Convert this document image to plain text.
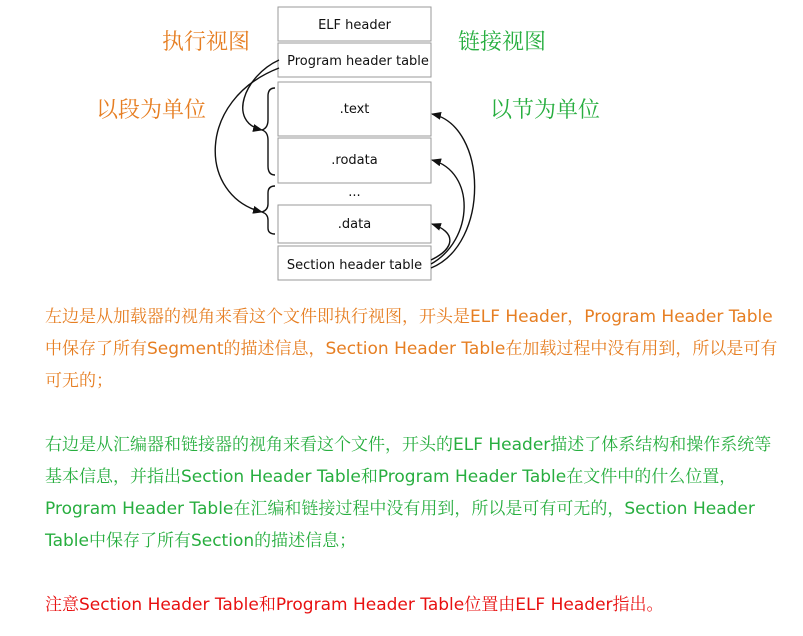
执行视图	链接视图
以段为单位	以节为单位
ELF header
Program header table
.text
.rodata
...
.data
Section header table

左边是从加载器的视角来看这个文件即执行视图，开头是ELF Header，Program Header Table中保存了所有Segment的描述信息，Section Header Table在加载过程中没有用到，所以是可有可无的；

右边是从汇编器和链接器的视角来看这个文件，开头的ELF Header描述了体系结构和操作系统等基本信息，并指出Section Header Table和Program Header Table在文件中的什么位置，Program Header Table在汇编和链接过程中没有用到，所以是可有可无的，Section Header Table中保存了所有Section的描述信息；

注意Section Header Table和Program Header Table位置由ELF Header指出。
